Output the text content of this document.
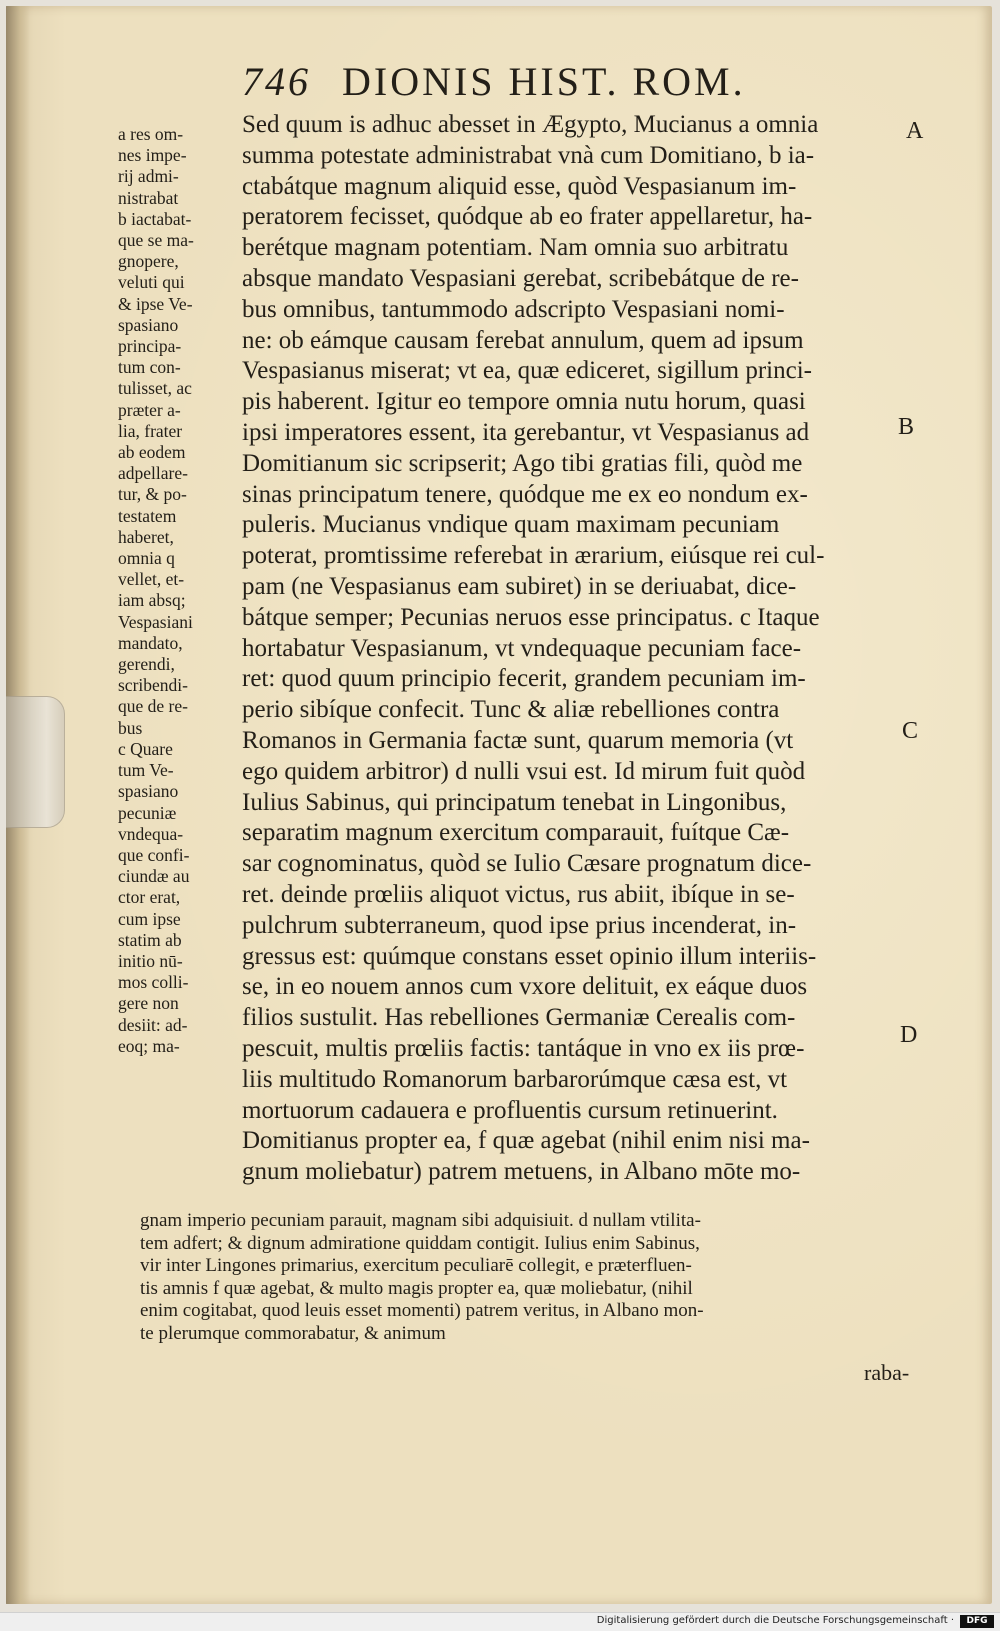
746 DIONIS HIST. ROM.
a res om-
nes impe-
rij admi-
nistrabat
b iactabat-
que se ma-
gnopere,
veluti qui
& ipse Ve-
spasiano
principa-
tum con-
tulisset, ac
præter a-
lia, frater
ab eodem
adpellare-
tur, & po-
testatem
haberet,
omnia q
vellet, et-
iam absq;
Vespasiani
mandato,
gerendi,
scribendi-
que de re-
bus
c Quare
tum Ve-
spasiano
pecuniæ
vndequa-
que confi-
ciundæ au
ctor erat,
cum ipse
statim ab
initio nū-
mos colli-
gere non
desiit: ad-
eoq; ma-
Sed quum is adhuc abesset in Ægypto, Mucianus a omnia
summa potestate administrabat vnà cum Domitiano, b ia-
ctabátque magnum aliquid esse, quòd Vespasianum im-
peratorem fecisset, quódque ab eo frater appellaretur, ha-
berétque magnam potentiam. Nam omnia suo arbitratu
absque mandato Vespasiani gerebat, scribebátque de re-
bus omnibus, tantummodo adscripto Vespasiani nomi-
ne: ob eámque causam ferebat annulum, quem ad ipsum
Vespasianus miserat; vt ea, quæ ediceret, sigillum princi-
pis haberent. Igitur eo tempore omnia nutu horum, quasi
ipsi imperatores essent, ita gerebantur, vt Vespasianus ad
Domitianum sic scripserit; Ago tibi gratias fili, quòd me
sinas principatum tenere, quódque me ex eo nondum ex-
puleris. Mucianus vndique quam maximam pecuniam
poterat, promtissime referebat in ærarium, eiúsque rei cul-
pam (ne Vespasianus eam subiret) in se deriuabat, dice-
bátque semper; Pecunias neruos esse principatus. c Itaque
hortabatur Vespasianum, vt vndequaque pecuniam face-
ret: quod quum principio fecerit, grandem pecuniam im-
perio sibíque confecit. Tunc & aliæ rebelliones contra
Romanos in Germania factæ sunt, quarum memoria (vt
ego quidem arbitror) d nulli vsui est. Id mirum fuit quòd
Iulius Sabinus, qui principatum tenebat in Lingonibus,
separatim magnum exercitum comparauit, fuítque Cæ-
sar cognominatus, quòd se Iulio Cæsare prognatum dice-
ret. deinde prœliis aliquot victus, rus abiit, ibíque in se-
pulchrum subterraneum, quod ipse prius incenderat, in-
gressus est: quúmque constans esset opinio illum interiis-
se, in eo nouem annos cum vxore delituit, ex eáque duos
filios sustulit. Has rebelliones Germaniæ Cerealis com-
pescuit, multis prœliis factis: tantáque in vno ex iis prœ-
liis multitudo Romanorum barbarorúmque cæsa est, vt
mortuorum cadauera e profluentis cursum retinuerint.
Domitianus propter ea, f quæ agebat (nihil enim nisi ma-
gnum moliebatur) patrem metuens, in Albano mōte mo-
A
B
C
D
gnam imperio pecuniam parauit, magnam sibi adquisiuit. d nullam vtilita-
tem adfert; & dignum admiratione quiddam contigit. Iulius enim Sabinus,
vir inter Lingones primarius, exercitum peculiarē collegit, e præterfluen-
tis amnis f quæ agebat, & multo magis propter ea, quæ moliebatur, (nihil
enim cogitabat, quod leuis esset momenti) patrem veritus, in Albano mon-
te plerumque commorabatur, & animum
raba-
Digitalisierung gefördert durch die Deutsche Forschungsgemeinschaft ·	DFG
